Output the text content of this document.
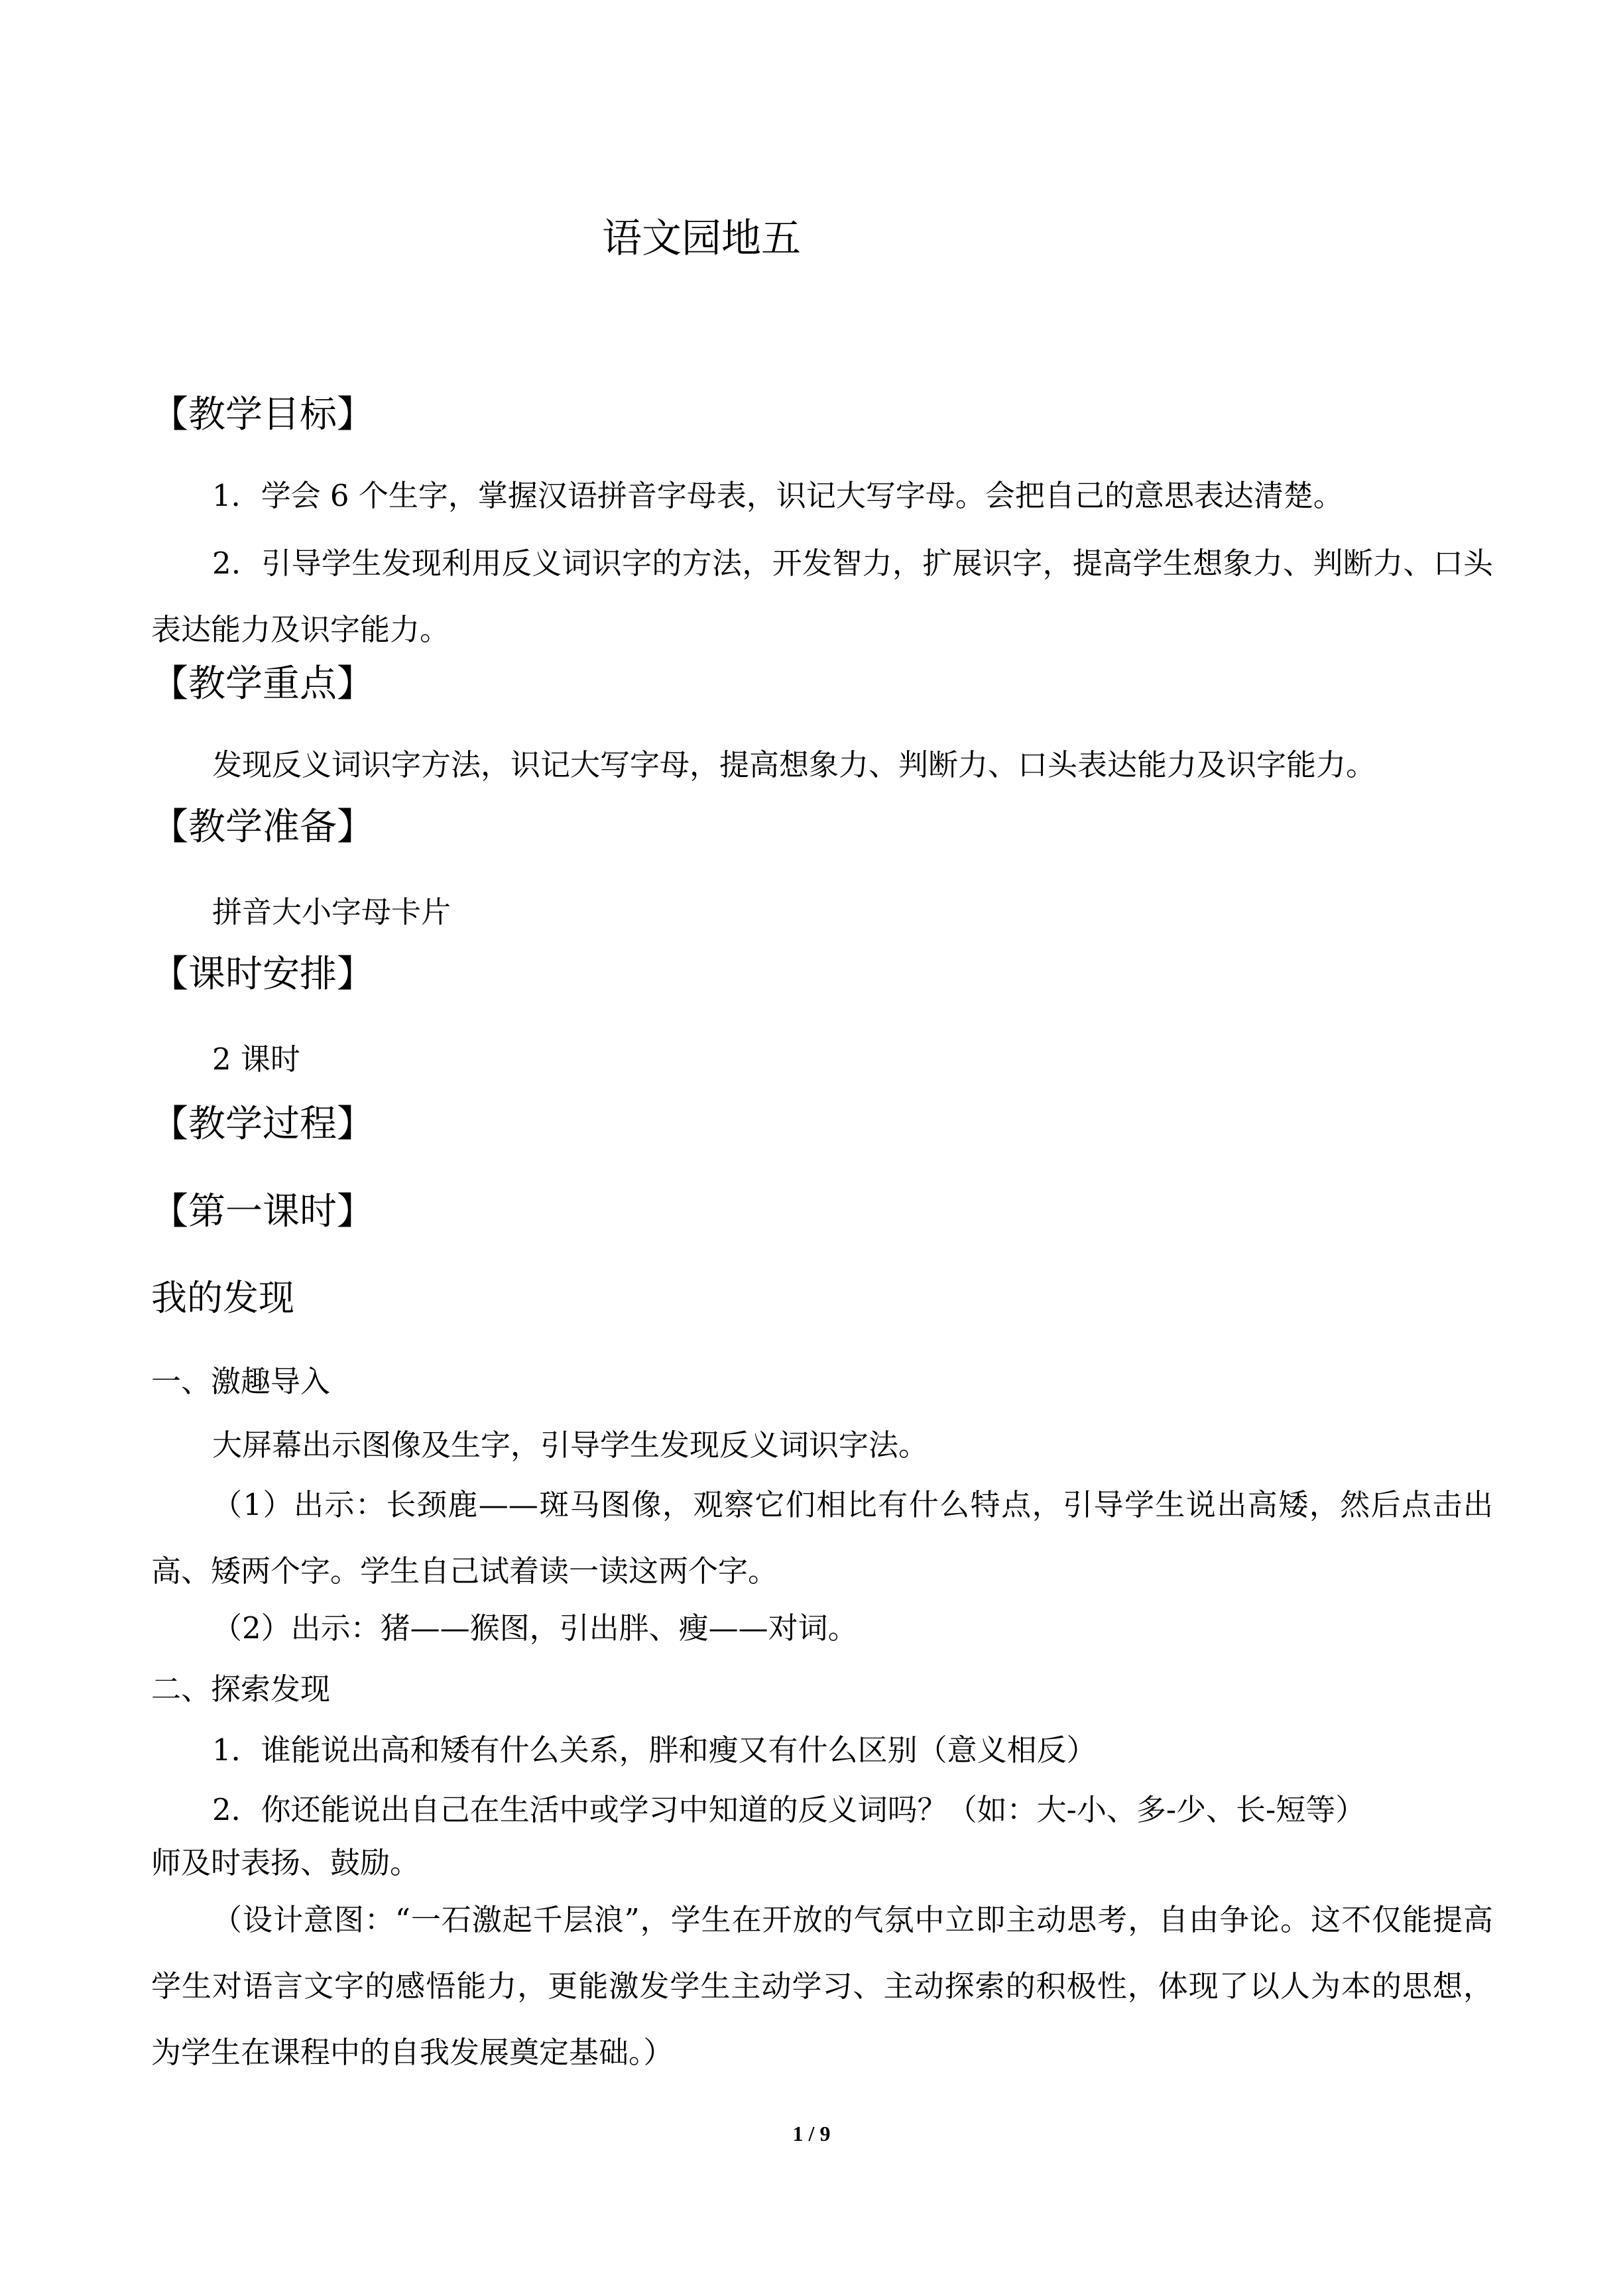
语文园地五
【教学目标】

1．学会 6 个生字，掌握汉语拼音字母表，识记大写字母。会把自己的意思表达清楚。

2．引导学生发现利用反义词识字的方法，开发智力，扩展识字，提高学生想象力、判断力、口头表达能力及识字能力。

【教学重点】
发现反义词识字方法，识记大写字母，提高想象力、判断力、口头表达能力及识字能力。
【教学准备】
拼音大小字母卡片
【课时安排】
2 课时
【教学过程】
【第一课时】
我的发现
一、激趣导入
大屏幕出示图像及生字，引导学生发现反义词识字法。

（1）出示：长颈鹿——斑马图像，观察它们相比有什么特点，引导学生说出高矮，然后点击出高、矮两个字。学生自己试着读一读这两个字。

（2）出示：猪——猴图，引出胖、瘦——对词。
二、探索发现
1．谁能说出高和矮有什么关系，胖和瘦又有什么区别（意义相反）
2．你还能说出自己在生活中或学习中知道的反义词吗？（如：大-小、多-少、长-短等）
师及时表扬、鼓励。

（设计意图：“一石激起千层浪”，学生在开放的气氛中立即主动思考，自由争论。这不仅能提高学生对语言文字的感悟能力，更能激发学生主动学习、主动探索的积极性，体现了以人为本的思想，为学生在课程中的自我发展奠定基础。）

1 / 9
